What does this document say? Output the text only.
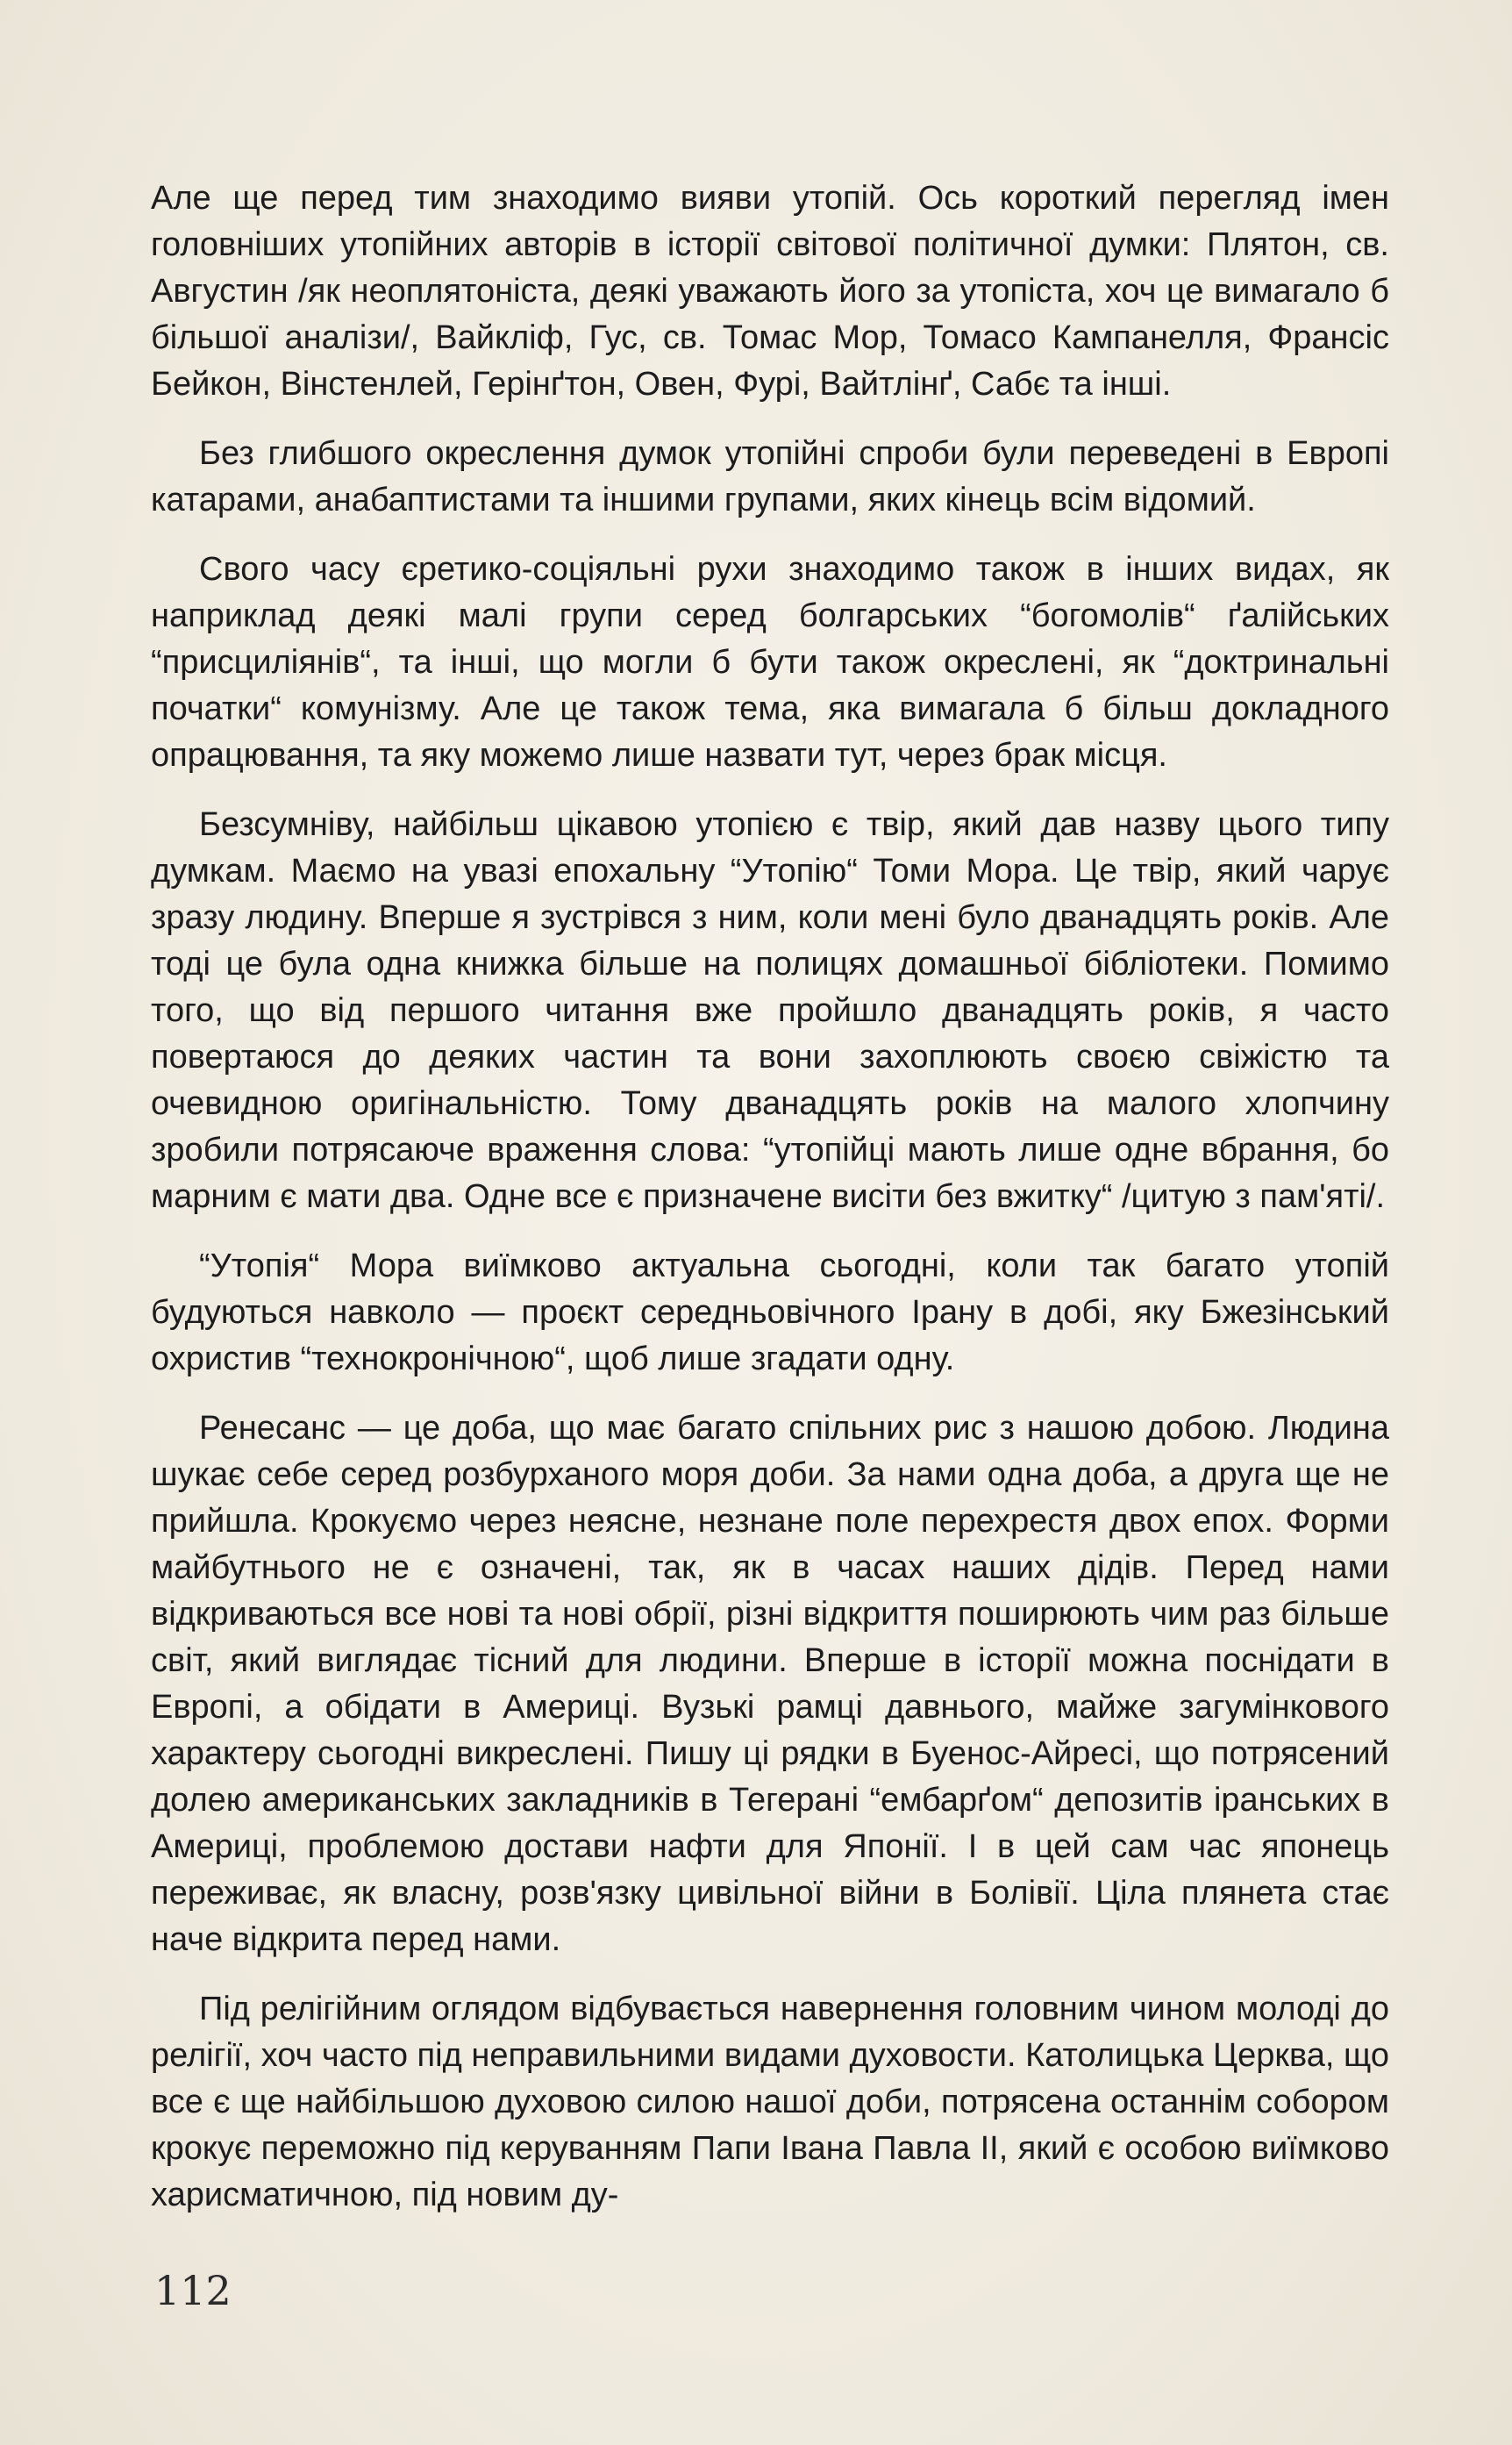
Але ще перед тим знаходимо вияви утопій. Ось короткий перегляд імен головніших утопійних авторів в історії світової політичної думки: Плятон, св. Августин /як неоплятоніста, деякі уважають його за утопіста, хоч це вимагало б більшої аналізи/, Вайкліф, Гус, св. Томас Мор, Томасо Кампанелля, Франсіс Бейкон, Вінстенлей, Герінґтон, Овен, Фурі, Вайтлінґ, Сабє та інші.

Без глибшого окреслення думок утопійні спроби були переведені в Европі катарами, анабаптистами та іншими групами, яких кінець всім відомий.

Свого часу єретико-соціяльні рухи знаходимо також в інших видах, як наприклад деякі малі групи серед болгарських “богомолів“ ґалійських “присциліянів“, та інші, що могли б бути також окреслені, як “доктринальні початки“ комунізму. Але це також тема, яка вимагала б більш докладного опрацювання, та яку можемо лише назвати тут, через брак місця.

Безсумніву, найбільш цікавою утопією є твір, який дав назву цього типу думкам. Маємо на увазі епохальну “Утопію“ Томи Мора. Це твір, який чарує зразу людину. Вперше я зустрівся з ним, коли мені було дванадцять років. Але тоді це була одна книжка більше на полицях домашньої бібліотеки. Помимо того, що від першого читання вже пройшло дванадцять років, я часто повертаюся до деяких частин та вони захоплюють своєю свіжістю та очевидною оригінальністю. Тому дванадцять років на малого хлопчину зробили потрясаюче враження слова: “утопійці мають лише одне вбрання, бо марним є мати два. Одне все є призначене висіти без вжитку“ /цитую з пам'яті/.

“Утопія“ Мора виїмково актуальна сьогодні, коли так багато утопій будуються навколо — проєкт середньовічного Ірану в добі, яку Бжезінський охристив “технокронічною“, щоб лише згадати одну.

Ренесанс — це доба, що має багато спільних рис з нашою добою. Людина шукає себе серед розбурханого моря доби. За нами одна доба, а друга ще не прийшла. Крокуємо через неясне, незнане поле перехрестя двох епох. Форми майбутнього не є означені, так, як в часах наших дідів. Перед нами відкриваються все нові та нові обрії, різні відкриття поширюють чим раз більше світ, який виглядає тісний для людини. Вперше в історії можна поснідати в Европі, а обідати в Америці. Вузькі рамці давнього, майже загумінкового характеру сьогодні викреслені. Пишу ці рядки в Буенос-Айресі, що потрясений долею американських закладників в Тегерані “ембарґом“ депозитів іранських в Америці, проблемою достави нафти для Японії. І в цей сам час японець переживає, як власну, розв'язку цивільної війни в Болівії. Ціла плянета стає наче відкрита перед нами.

Під релігійним оглядом відбувається навернення головним чином молоді до релігії, хоч часто під неправильними видами духовости. Католицька Церква, що все є ще найбільшою духовою силою нашої доби, потрясена останнім собором крокує переможно під керуванням Папи Івана Павла II, який є особою виїмково харисматичною, під новим ду-

112
